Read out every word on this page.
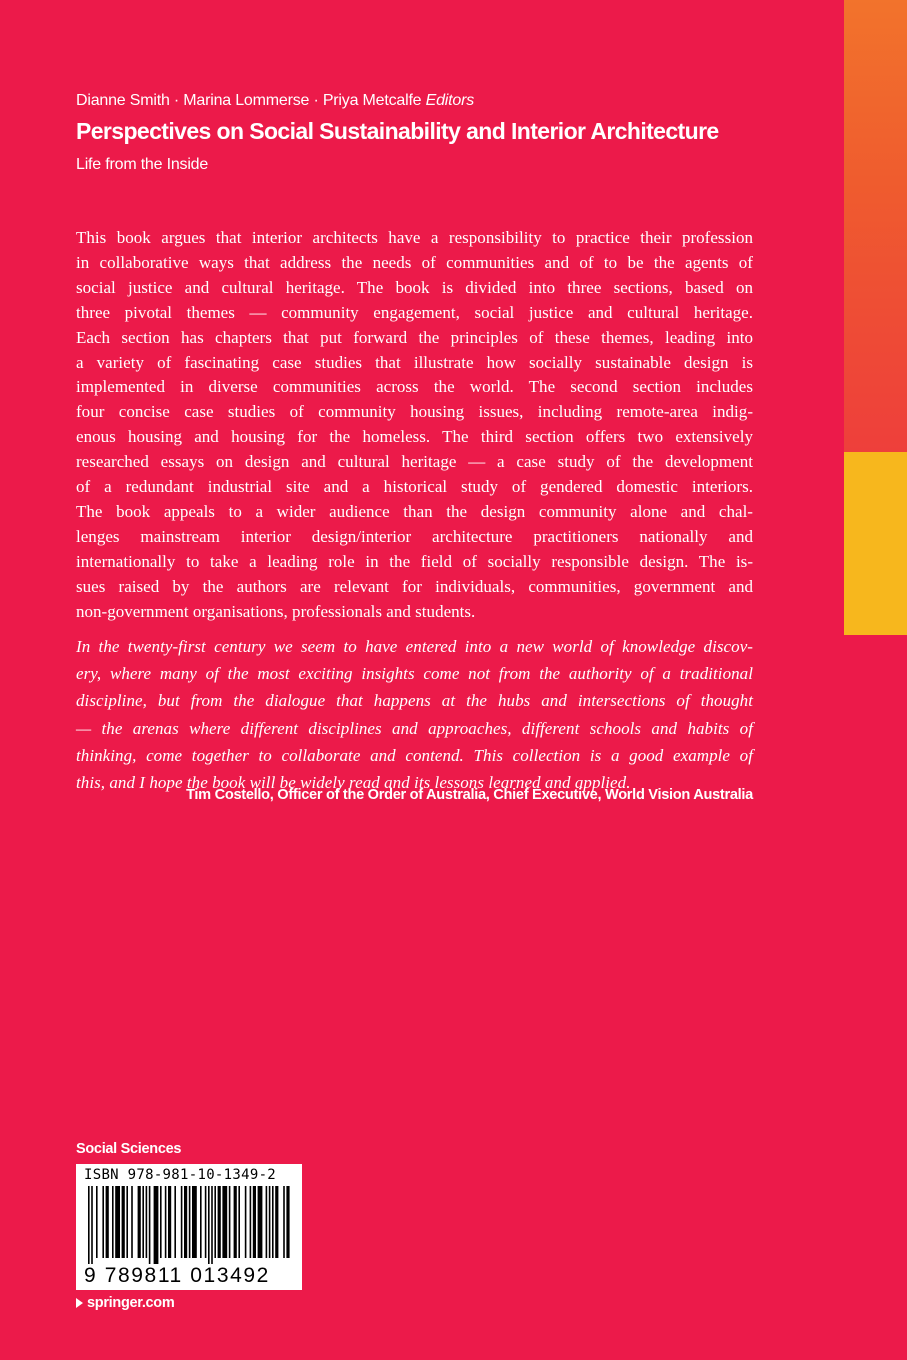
Dianne Smith · Marina Lommerse · Priya Metcalfe Editors
Perspectives on Social Sustainability and Interior Architecture
Life from the Inside

This book argues that interior architects have a responsibility to practice their profession
in collaborative ways that address the needs of communities and of to be the agents of
social justice and cultural heritage. The book is divided into three sections, based on
three pivotal themes — community engagement, social justice and cultural heritage.
Each section has chapters that put forward the principles of these themes, leading into
a variety of fascinating case studies that illustrate how socially sustainable design is
implemented in diverse communities across the world. The second section includes
four concise case studies of community housing issues, including remote-area indig-
enous housing and housing for the homeless. The third section offers two extensively
researched essays on design and cultural heritage — a case study of the development
of a redundant industrial site and a historical study of gendered domestic interiors.
The book appeals to a wider audience than the design community alone and chal-
lenges mainstream interior design/interior architecture practitioners nationally and
internationally to take a leading role in the field of socially responsible design. The is-
sues raised by the authors are relevant for individuals, communities, government and
non-government organisations, professionals and students.

In the twenty-first century we seem to have entered into a new world of knowledge discov-
ery, where many of the most exciting insights come not from the authority of a traditional
discipline, but from the dialogue that happens at the hubs and intersections of thought
— the arenas where different disciplines and approaches, different schools and habits of
thinking, come together to collaborate and contend. This collection is a good example of
this, and I hope the book will be widely read and its lessons learned and applied.

Tim Costello, Officer of the Order of Australia, Chief Executive, World Vision Australia
Social Sciences
ISBN 978-981-10-1349-2
9 789811 013492
springer.com
